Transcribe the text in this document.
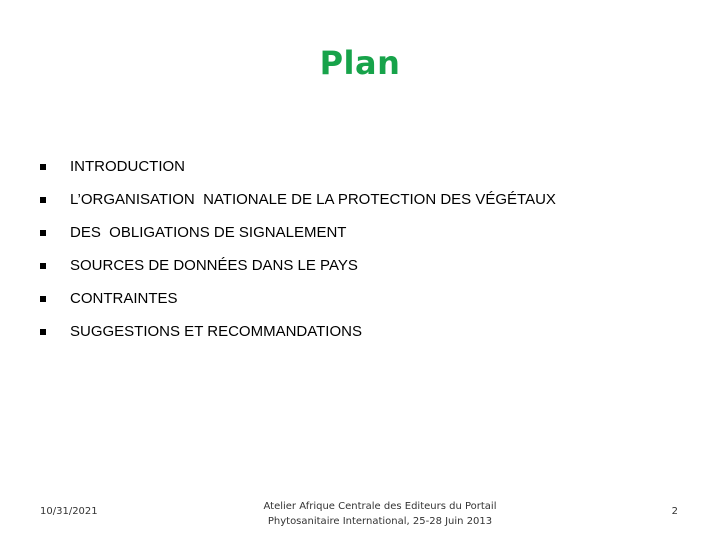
Plan
INTRODUCTION
L’ORGANISATION  NATIONALE DE LA PROTECTION DES VÉGÉTAUX
DES  OBLIGATIONS DE SIGNALEMENT
SOURCES DE DONNÉES DANS LE PAYS
CONTRAINTES
SUGGESTIONS ET RECOMMANDATIONS
10/31/2021	Atelier Afrique Centrale des Editeurs du Portail
Phytosanitaire International, 25-28 Juin 2013
2
